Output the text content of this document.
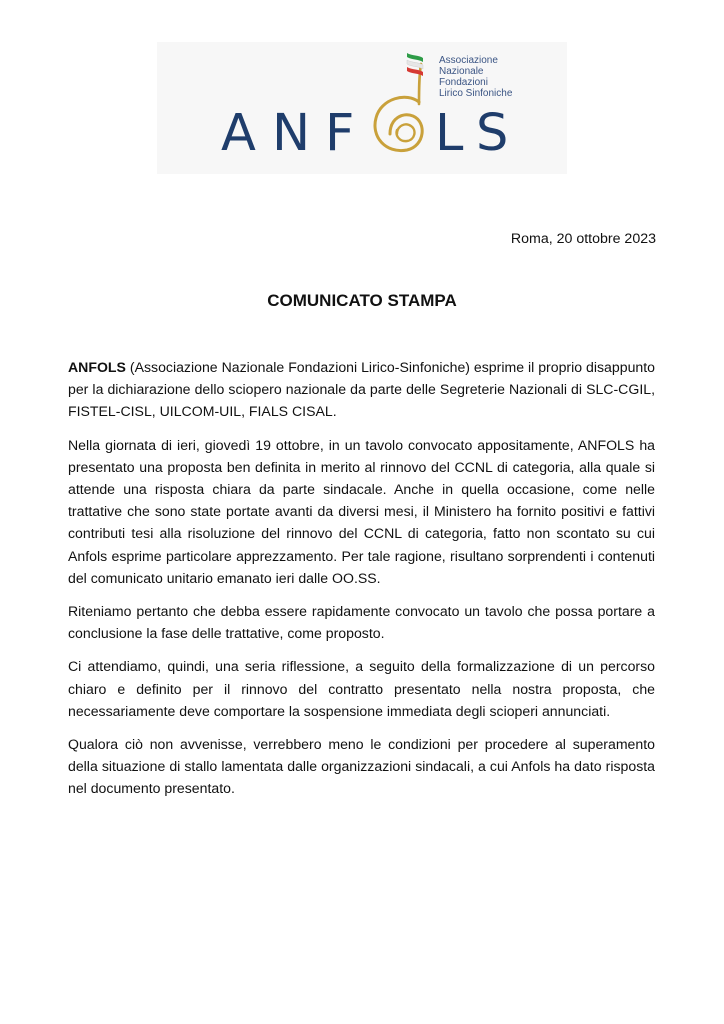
A N F L S
Associazione
Nazionale
Fondazioni
Lirico Sinfoniche
Roma, 20 ottobre 2023
COMUNICATO STAMPA

ANFOLS (Associazione Nazionale Fondazioni Lirico-Sinfoniche) esprime il proprio disappunto per la dichiarazione dello sciopero nazionale da parte delle Segreterie Nazionali di SLC-CGIL, FISTEL-CISL, UILCOM-UIL, FIALS CISAL.

Nella giornata di ieri, giovedì 19 ottobre, in un tavolo convocato appositamente, ANFOLS ha presentato una proposta ben definita in merito al rinnovo del CCNL di categoria, alla quale si attende una risposta chiara da parte sindacale. Anche in quella occasione, come nelle trattative che sono state portate avanti da diversi mesi, il Ministero ha fornito positivi e fattivi contributi tesi alla risoluzione del rinnovo del CCNL di categoria, fatto non scontato su cui Anfols esprime particolare apprezzamento. Per tale ragione, risultano sorprendenti i contenuti del comunicato unitario emanato ieri dalle OO.SS.

Riteniamo pertanto che debba essere rapidamente convocato un tavolo che possa portare a conclusione la fase delle trattative, come proposto.

Ci attendiamo, quindi, una seria riflessione, a seguito della formalizzazione di un percorso chiaro e definito per il rinnovo del contratto presentato nella nostra proposta, che necessariamente deve comportare la sospensione immediata degli scioperi annunciati.

Qualora ciò non avvenisse, verrebbero meno le condizioni per procedere al superamento della situazione di stallo lamentata dalle organizzazioni sindacali, a cui Anfols ha dato risposta nel documento presentato.
